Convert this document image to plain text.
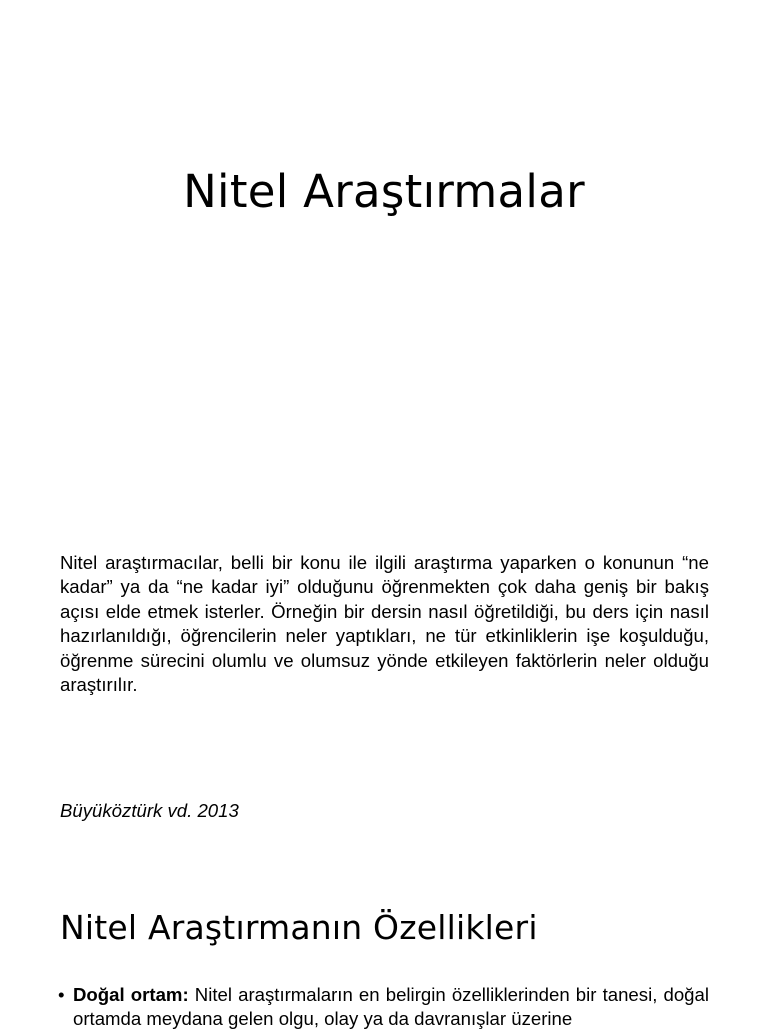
Nitel Araştırmalar

Nitel araştırmacılar, belli bir konu ile ilgili araştırma yaparken o konunun “ne kadar” ya da “ne kadar iyi” olduğunu öğrenmekten çok daha geniş bir bakış açısı elde etmek isterler. Örneğin bir dersin nasıl öğretildiği, bu ders için nasıl hazırlanıldığı, öğrencilerin neler yaptıkları, ne tür etkinliklerin işe koşulduğu, öğrenme sürecini olumlu ve olumsuz yönde etkileyen faktörlerin neler olduğu araştırılır.

Büyüköztürk vd. 2013

Nitel Araştırmanın Özellikleri
• Doğal ortam: Nitel araştırmaların en belirgin özelliklerinden bir tanesi, doğal ortamda meydana gelen olgu, olay ya da davranışlar üzerine
